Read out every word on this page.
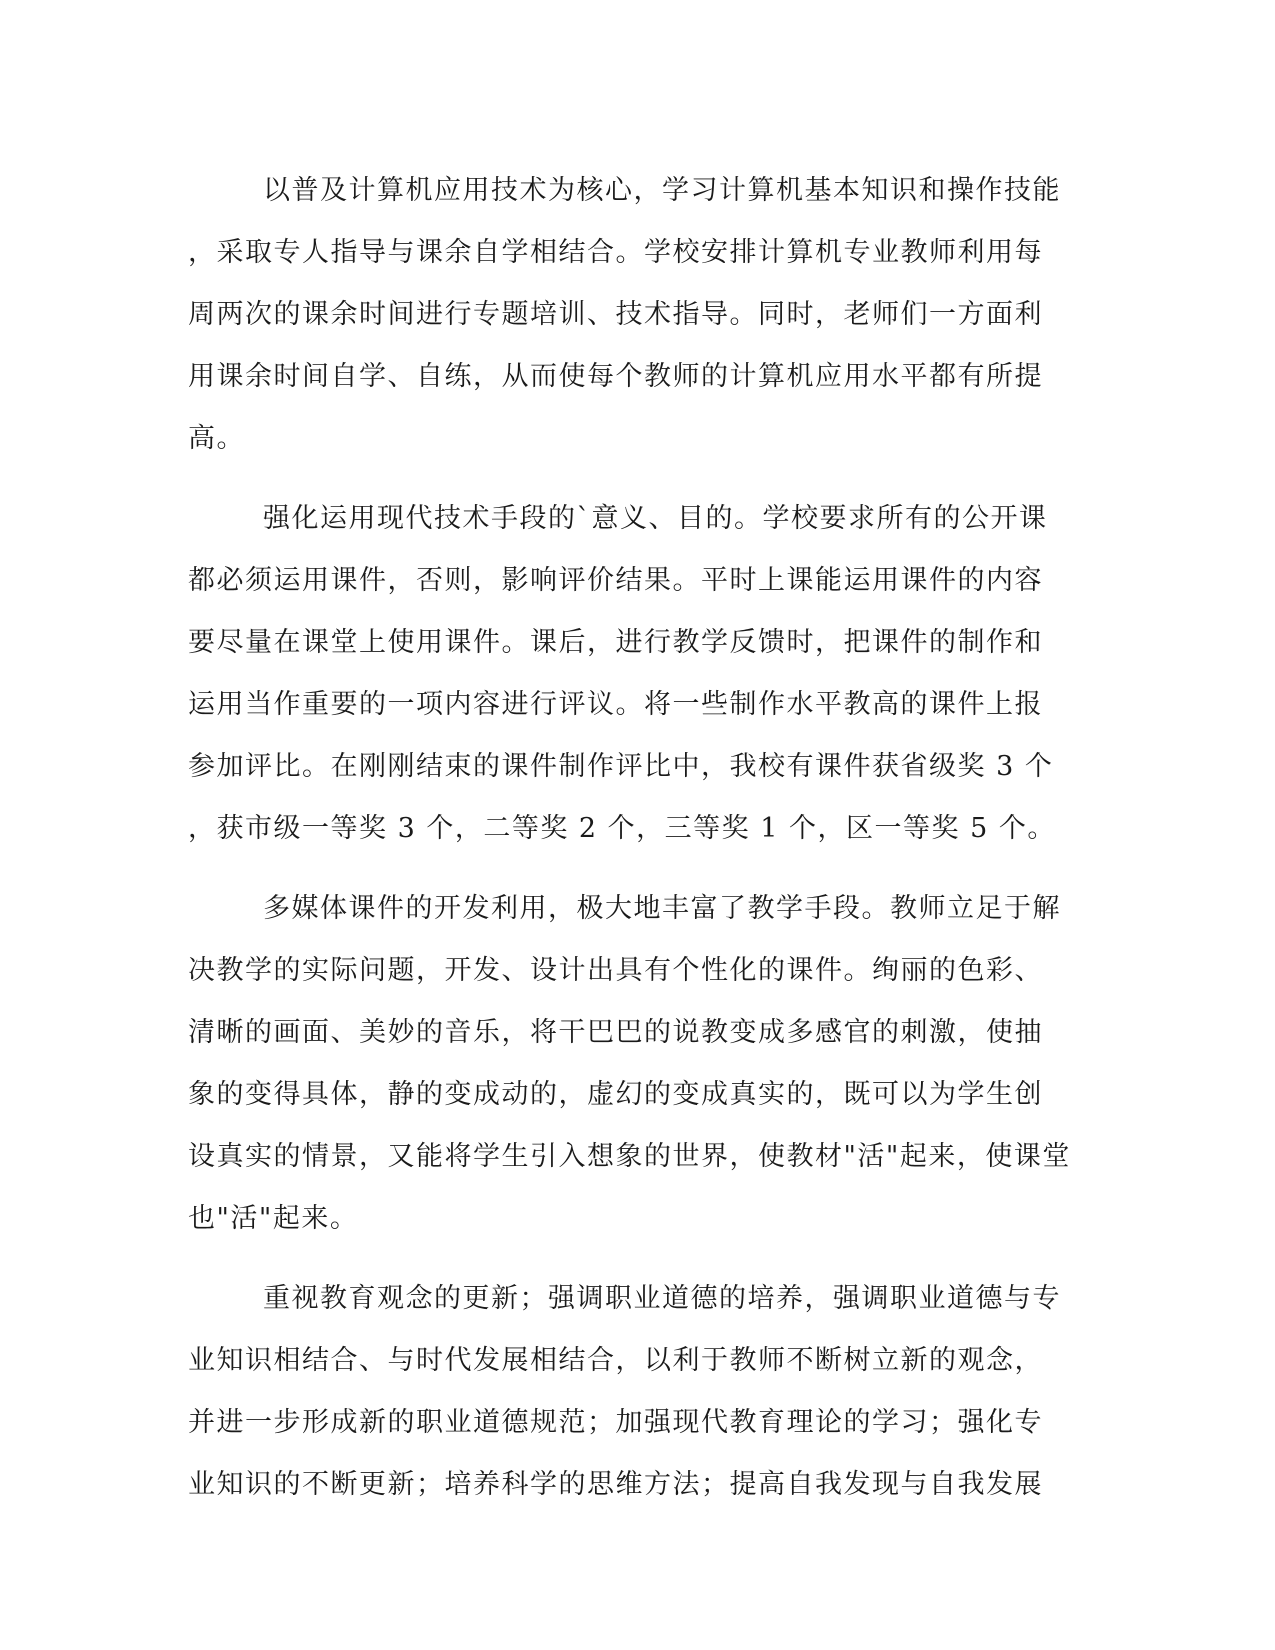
以普及计算机应用技术为核心，学习计算机基本知识和操作技能
，采取专人指导与课余自学相结合。学校安排计算机专业教师利用每
周两次的课余时间进行专题培训、技术指导。同时，老师们一方面利
用课余时间自学、自练，从而使每个教师的计算机应用水平都有所提
高。
强化运用现代技术手段的`意义、目的。学校要求所有的公开课
都必须运用课件，否则，影响评价结果。平时上课能运用课件的内容
要尽量在课堂上使用课件。课后，进行教学反馈时，把课件的制作和
运用当作重要的一项内容进行评议。将一些制作水平教高的课件上报
参加评比。在刚刚结束的课件制作评比中，我校有课件获省级奖 3 个
，获市级一等奖 3 个，二等奖 2 个，三等奖 1 个，区一等奖 5 个。
多媒体课件的开发利用，极大地丰富了教学手段。教师立足于解
决教学的实际问题，开发、设计出具有个性化的课件。绚丽的色彩、
清晰的画面、美妙的音乐，将干巴巴的说教变成多感官的刺激，使抽
象的变得具体，静的变成动的，虚幻的变成真实的，既可以为学生创
设真实的情景，又能将学生引入想象的世界，使教材"活"起来，使课堂
也"活"起来。
重视教育观念的更新；强调职业道德的培养，强调职业道德与专
业知识相结合、与时代发展相结合，以利于教师不断树立新的观念，
并进一步形成新的职业道德规范；加强现代教育理论的学习；强化专
业知识的不断更新；培养科学的思维方法；提高自我发现与自我发展
